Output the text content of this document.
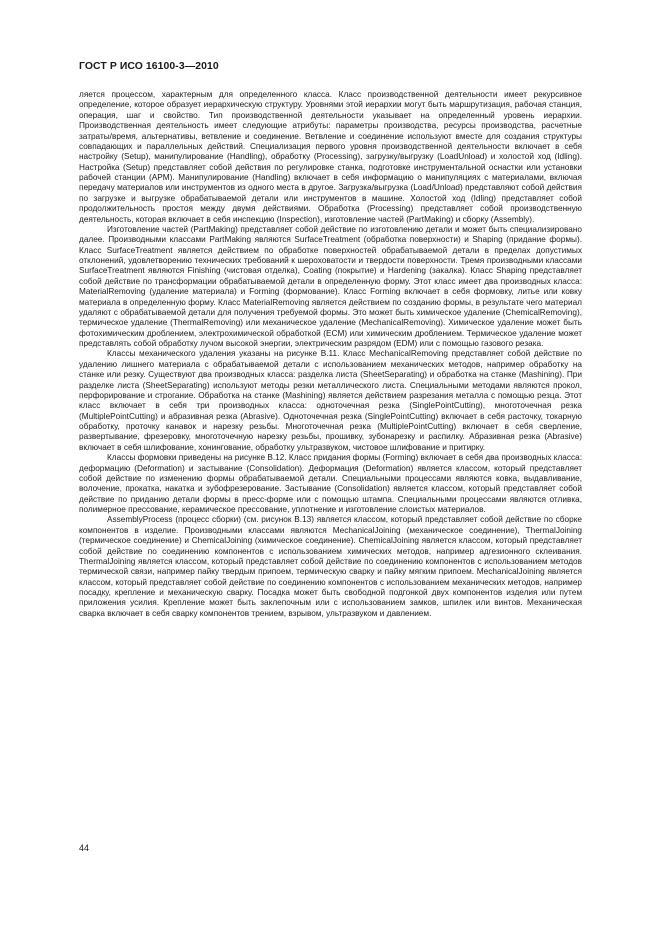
ГОСТ Р ИСО 16100-3—2010

ляется процессом, характерным для определенного класса. Класс производственной деятельности имеет рекурсивное определение, которое образует иерархическую структуру. Уровнями этой иерархии могут быть маршрутизация, рабочая станция, операция, шаг и свойство. Тип производственной деятельности указывает на определенный уровень иерархии. Производственная деятельность имеет следующие атрибуты: параметры производства, ресурсы производства, расчетные затраты/время, альтернативы, ветвление и соединение. Ветвление и соединение используют вместе для создания структуры совпадающих и параллельных действий. Специализация первого уровня производственной деятельности включает в себя настройку (Setup), манипулирование (Handling), обработку (Processing), загрузку/выгрузку (LoadUnload) и холостой ход (Idling). Настройка (Setup) представляет собой действия по регулировке станка, подготовке инструментальной оснастки или установки рабочей станции (APM). Манипулирование (Handling) включает в себя информацию о манипуляциях с материалами, включая передачу материалов или инструментов из одного места в другое. Загрузка/выгрузка (Load/Unload) представляют собой действия по загрузке и выгрузке обрабатываемой детали или инструментов в машине. Холостой ход (Idling) представляет собой продолжительность простоя между двумя действиями. Обработка (Processing) представляет собой производственную деятельность, которая включает в себя инспекцию (Inspection), изготовление частей (PartMaking) и сборку (Assembly).

Изготовление частей (PartMaking) представляет собой действие по изготовлению детали и может быть специализировано далее. Производными классами PartMaking являются SurfaceTreatment (обработка поверхности) и Shaping (придание формы). Класс SurfaceTreatment является действием по обработке поверхностей обрабатываемой детали в пределах допустимых отклонений, удовлетворению технических требований к шероховатости и твердости поверхности. Тремя производными классами SurfaceTreatment являются Finishing (чистовая отделка), Coating (покрытие) и Hardening (закалка). Класс Shaping представляет собой действие по трансформации обрабатываемой детали в определенную форму. Этот класс имеет два производных класса: MaterialRemoving (удаление материала) и Forming (формование). Класс Forming включает в себя формовку, литье или ковку материала в определенную форму. Класс MaterialRemoving является действием по созданию формы, в результате чего материал удаляют с обрабатываемой детали для получения требуемой формы. Это может быть химическое удаление (ChemicalRemoving), термическое удаление (ThermalRemoving) или механическое удаление (MechanicalRemoving). Химическое удаление может быть фотохимическим дроблением, электрохимической обработкой (ECM) или химическим дроблением. Термическое удаление может представлять собой обработку лучом высокой энергии, электрическим разрядом (EDM) или с помощью газового резака.

Классы механического удаления указаны на рисунке В.11. Класс MechanicalRemoving представляет собой действие по удалению лишнего материала с обрабатываемой детали с использованием механических методов, например обработку на станке или резку. Существуют два производных класса: разделка листа (SheetSeparating) и обработка на станке (Mashining). При разделке листа (SheetSeparating) используют методы резки металлического листа. Специальными методами являются прокол, перфорирование и строгание. Обработка на станке (Mashining) является действием разрезания металла с помощью резца. Этот класс включает в себя три производных класса: одноточечная резка (SinglePointCutting), многоточечная резка (MultiplePointCutting) и абразивная резка (Abrasive). Одноточечная резка (SinglePointCutting) включает в себя расточку, токарную обработку, проточку канавок и нарезку резьбы. Многоточечная резка (MultiplePointCutting) включает в себя сверление, развертывание, фрезеровку, многоточечную нарезку резьбы, прошивку, зубонарезку и распилку. Абразивная резка (Abrasive) включает в себя шлифование, хонингование, обработку ультразвуком, чистовое шлифование и притирку.

Классы формовки приведены на рисунке В.12. Класс придания формы (Forming) включает в себя два производных класса: деформацию (Deformation) и застывание (Consolidation). Деформация (Deformation) является классом, который представляет собой действие по изменению формы обрабатываемой детали. Специальными процессами являются ковка, выдавливание, волочение, прокатка, накатка и зубофрезерование. Застывание (Consolidation) является классом, который представляет собой действие по приданию детали формы в пресс-форме или с помощью штампа. Специальными процессами являются отливка, полимерное прессование, керамическое прессование, уплотнение и изготовление слоистых материалов.

AssemblyProcess (процесс сборки) (см. рисунок В.13) является классом, который представляет собой действие по сборке компонентов в изделие. Производными классами являются MechanicalJoining (механическое соединение), ThermalJoining (термическое соединение) и ChemicalJoining (химическое соединение). ChemicalJoining является классом, который представляет собой действие по соединению компонентов с использованием химических методов, например адгезионного склеивания. ThermalJoining является классом, который представляет собой действие по соединению компонентов с использованием методов термической связи, например пайку твердым припоем, термическую сварку и пайку мягким припоем. MechanicalJoining является классом, который представляет собой действие по соединению компонентов с использованием механических методов, например посадку, крепление и механическую сварку. Посадка может быть свободной подгонкой двух компонентов изделия или путем приложения усилия. Крепление может быть заклепочным или с использованием замков, шпилек или винтов. Механическая сварка включает в себя сварку компонентов трением, взрывом, ультразвуком и давлением.

44
